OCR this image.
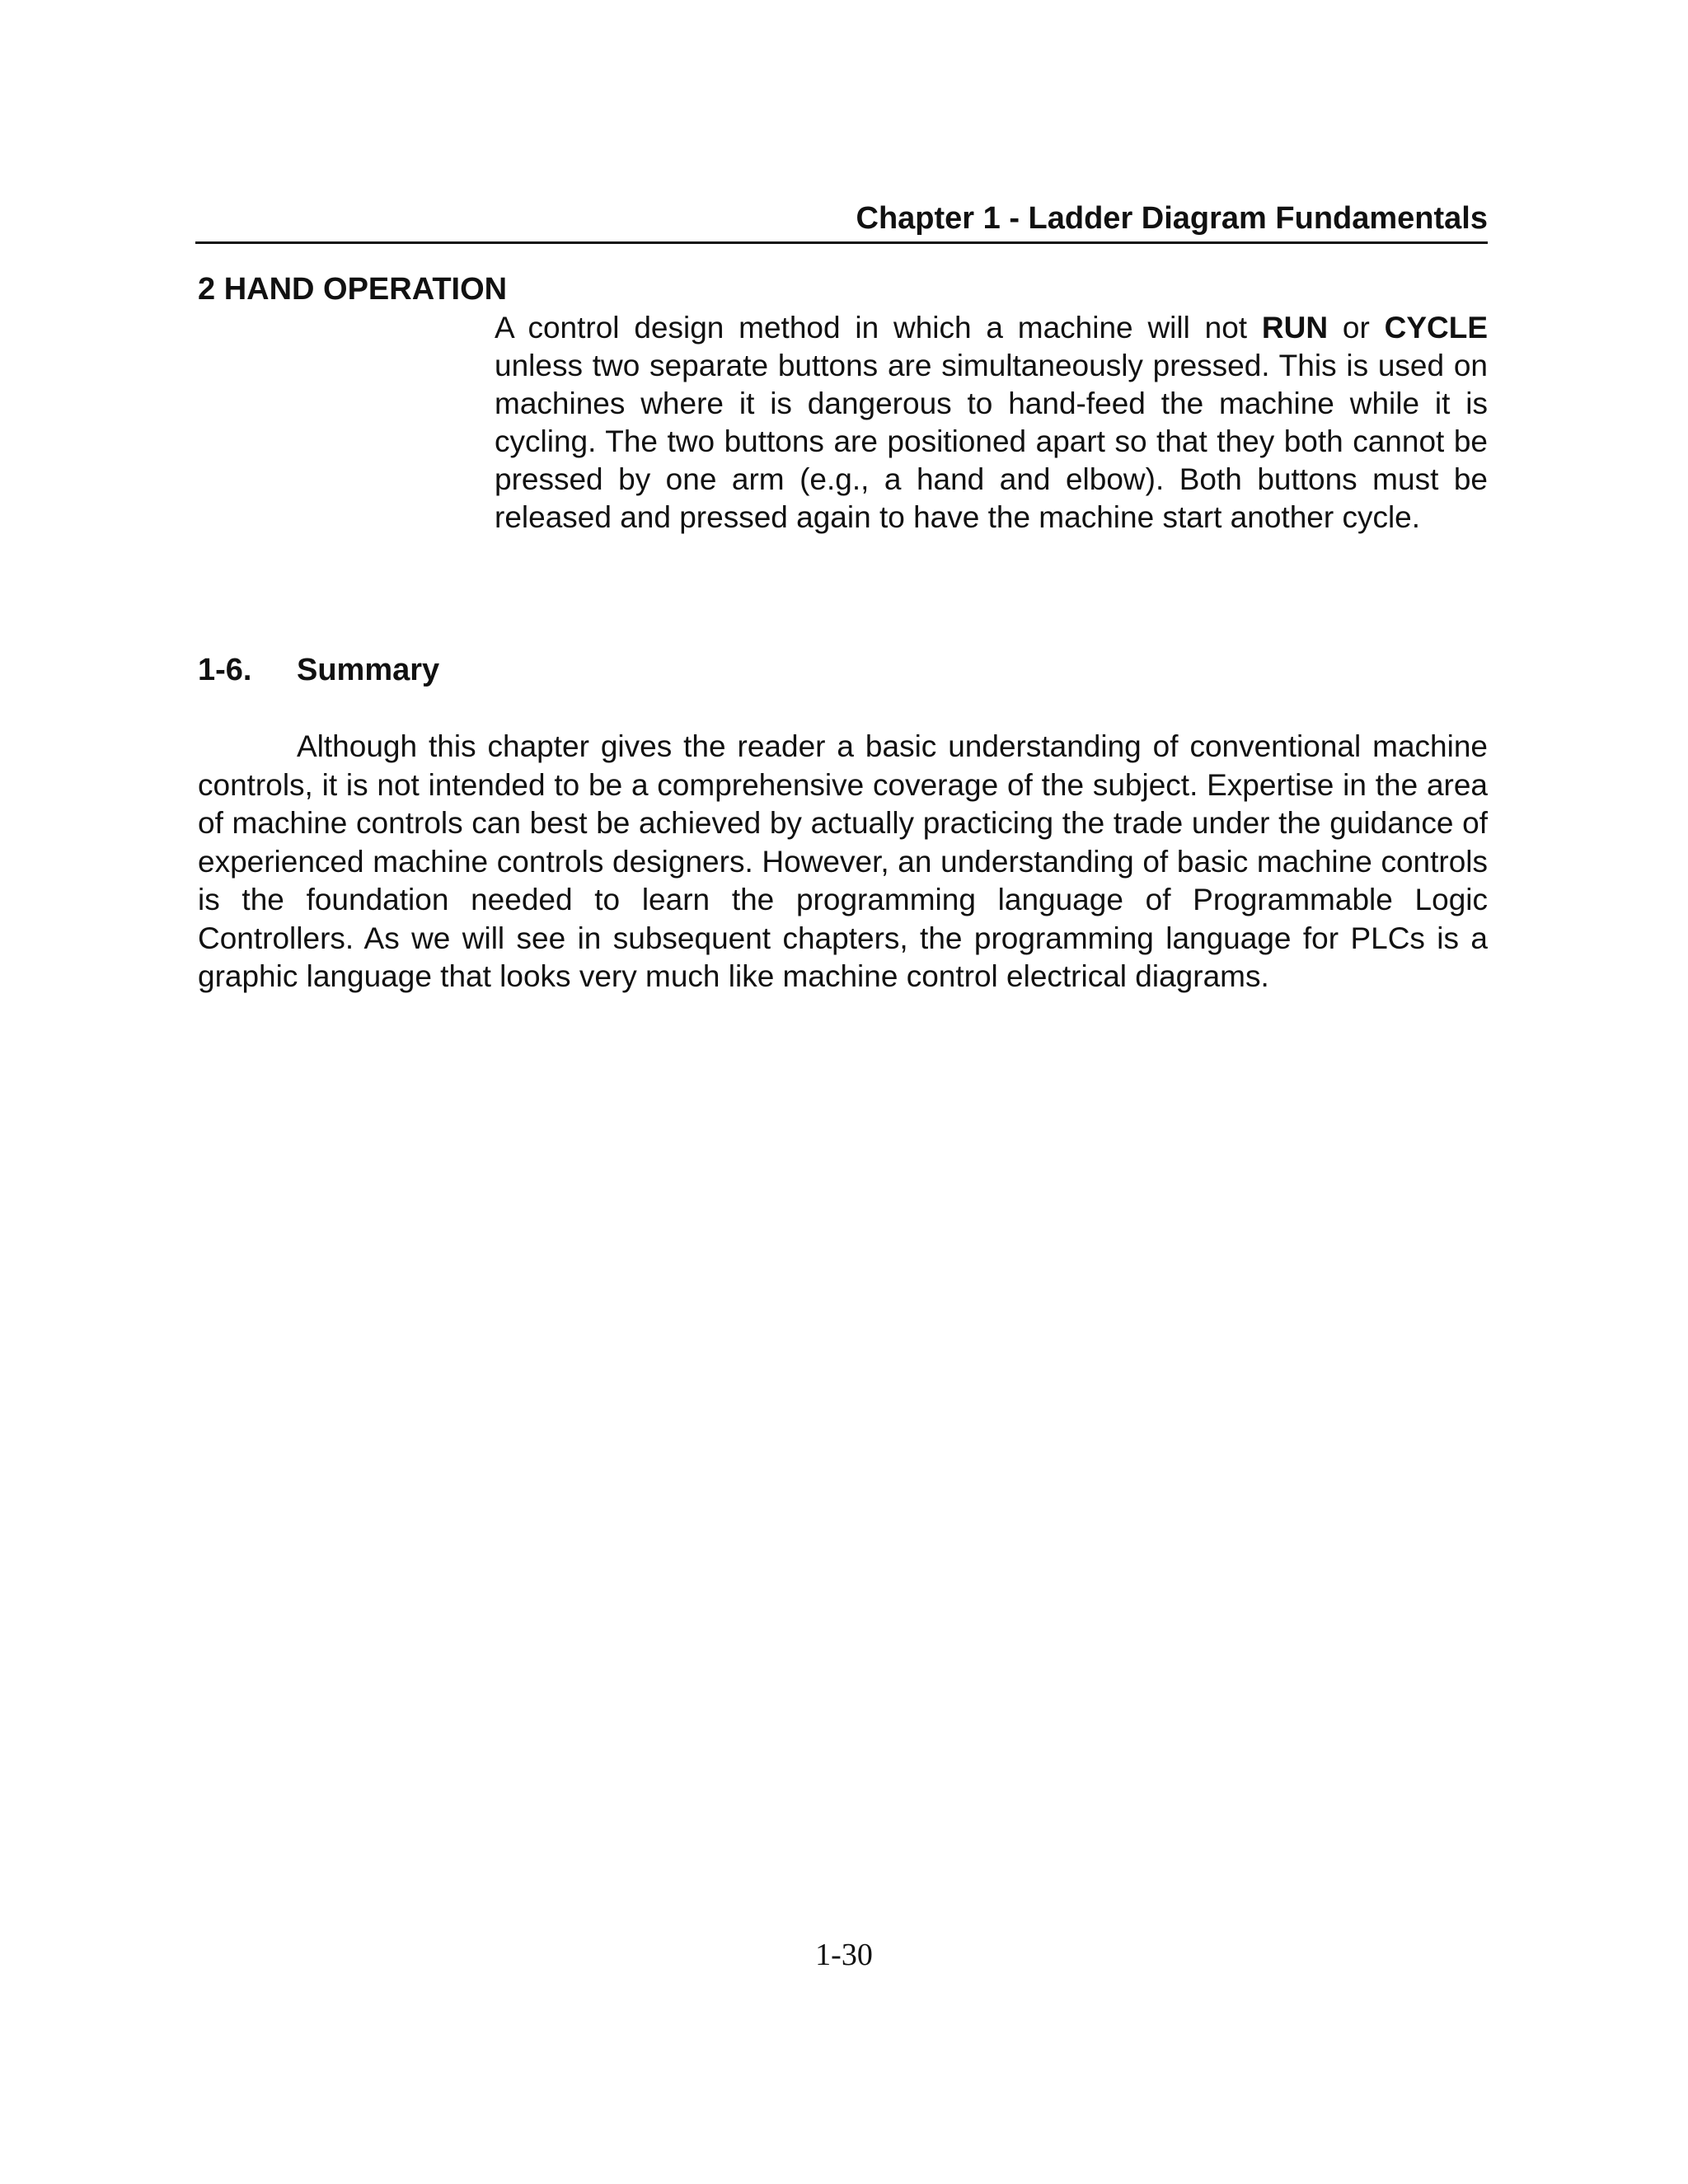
Chapter 1 - Ladder Diagram Fundamentals
2 HAND OPERATION
A control design method in which a machine will not RUN or CYCLE unless two separate buttons are simultaneously pressed. This is used on machines where it is dangerous to hand-feed the machine while it is cycling. The two buttons are positioned apart so that they both cannot be pressed by one arm (e.g., a hand and elbow). Both buttons must be released and pressed again to have the machine start another cycle.
1-6. Summary

Although this chapter gives the reader a basic understanding of conventional machine controls, it is not intended to be a comprehensive coverage of the subject. Expertise in the area of machine controls can best be achieved by actually practicing the trade under the guidance of experienced machine controls designers. However, an understanding of basic machine controls is the foundation needed to learn the programming language of Programmable Logic Controllers. As we will see in subsequent chapters, the programming language for PLCs is a graphic language that looks very much like machine control electrical diagrams.

1-30
